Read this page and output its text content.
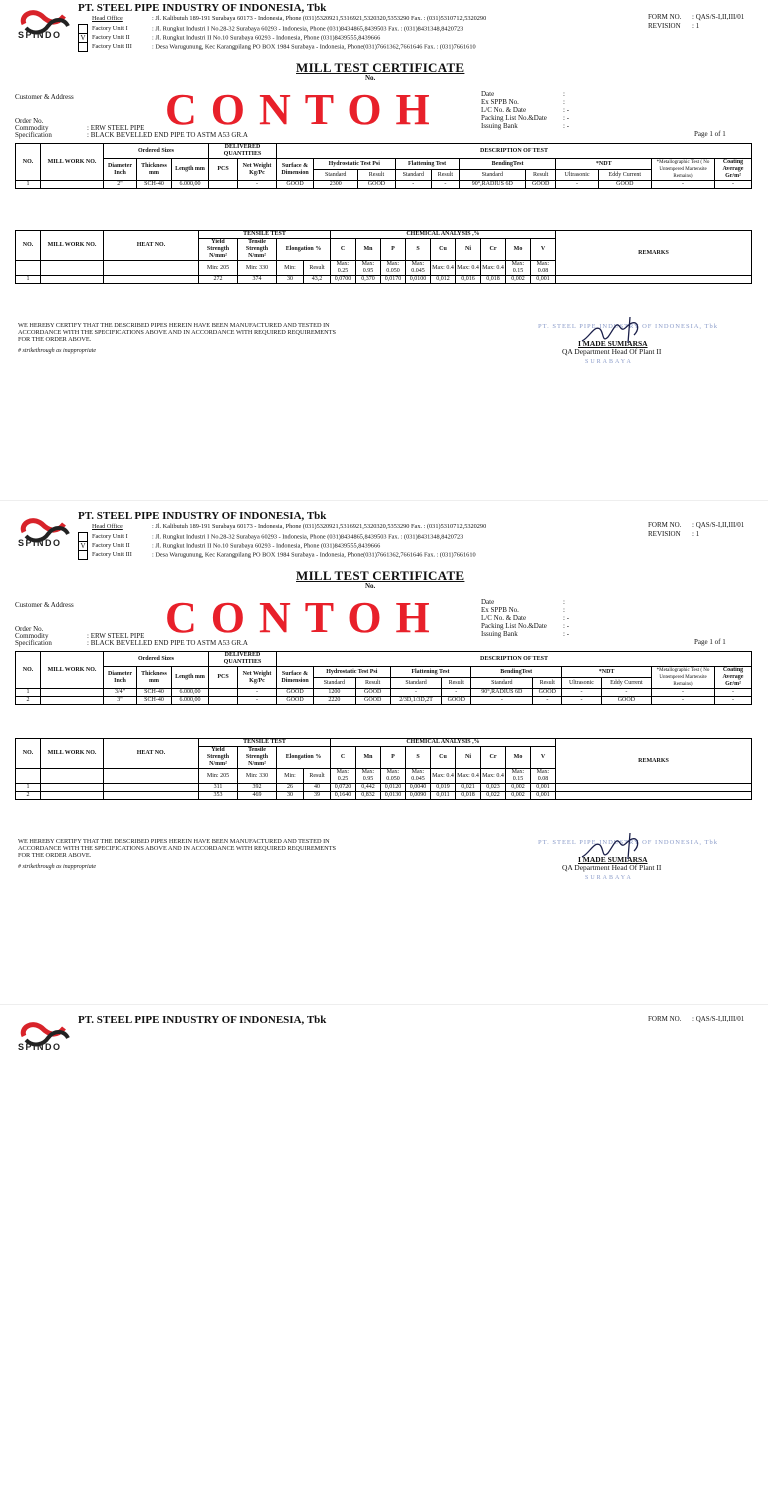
SPINDO
PT. STEEL PIPE INDUSTRY OF INDONESIA, Tbk
Head Office	: Jl. Kalibutuh 189-191 Surabaya 60173 - Indonesia, Phone (031)5320921,5316921,5320320,5353290 Fax. : (031)5310712,5320290
Factory Unit I	: Jl. Rungkut Industri I No.28-32 Surabaya 60293 - Indonesia, Phone (031)8434865,8439503 Fax. : (031)8431348,8420723
V Factory Unit II	: Jl. Rungkut Industri II No.10 Surabaya 60293 - Indonesia, Phone (031)8439555,8439666
Factory Unit III	: Desa Warugunung, Kec Karangpilang PO BOX 1984 Surabaya - Indonesia, Phone(031)7661362,7661646 Fax. : (031)7661610
FORM NO. : QAS/S-I,II,III/01
REVISION : 1
MILL TEST CERTIFICATE
No.
CONTOH
Customer & Address
Order No.
Commodity	: ERW STEEL PIPE
Specification	: BLACK BEVELLED END PIPE TO ASTM A53 GR.A
Date	:
Ex SPPB No.	:
L/C No. & Date	: -
Packing List No.&Date : -
Issuing Bank	: -
Page 1 of 1
NO.	MILL WORK NO.	Ordered Sizes			DELIVERED QUANTITIES		DESCRIPTION OF TEST										
		Diameter Inch	Thickness mm	Length mm	PCS	Net Weight Kg/Pc	Surface & Dimension	Hydrostatic Test Psi		Flattening Test		BendingTest		*NDT		*Metallographic Test ( No Untempered Martensite Remains)	Coating Average Gr/m²
								Standard	Result	Standard	Result	Standard	Result	Ultrasonic	Eddy Current		
1		2"	SCH-40	6.000,00		-	GOOD	2300	GOOD	-	-	90°,RADIUS 6D	GOOD	-	GOOD	-	-
NO.	MILL WORK NO.	HEAT NO.	TENSILE TEST				CHEMICAL ANALYSIS ,%									REMARKS
			Yield Strength N/mm²	Tensile Strength N/mm²	Elongation %		C	Mn	P	S	Cu	Ni	Cr	Mo	V	

			Min: 205	Min: 330	Min:	Result	Max: 0.25	Max: 0.95	Max: 0.050	Max: 0.045	Max: 0.4	Max: 0.4	Max: 0.4	Max: 0.15	Max: 0.08	
1			272	374	30	43,2	0,0700	0,370	0,0170	0,0100	0,012	0,016	0,018	0,002	0,001	
WE HEREBY CERTIFY THAT THE DESCRIBED PIPES HEREIN HAVE BEEN MANUFACTURED AND TESTED IN ACCORDANCE WITH THE SPECIFICATIONS ABOVE AND IN ACCORDANCE WITH REQUIRED REQUIREMENTS FOR THE ORDER ABOVE.
# strikethrough as inappropriate
PT. STEEL PIPE INDUSTRY OF INDONESIA, Tbk
I MADE SUMIARSA
QA Department Head Of Plant II
SURABAYA
SPINDO
PT. STEEL PIPE INDUSTRY OF INDONESIA, Tbk
Head Office	: Jl. Kalibutuh 189-191 Surabaya 60173 - Indonesia, Phone (031)5320921,5316921,5320320,5353290 Fax. : (031)5310712,5320290
Factory Unit I	: Jl. Rungkut Industri I No.28-32 Surabaya 60293 - Indonesia, Phone (031)8434865,8439503 Fax. : (031)8431348,8420723
V Factory Unit II	: Jl. Rungkut Industri II No.10 Surabaya 60293 - Indonesia, Phone (031)8439555,8439666
Factory Unit III	: Desa Warugunung, Kec Karangpilang PO BOX 1984 Surabaya - Indonesia, Phone(031)7661362,7661646 Fax. : (031)7661610
FORM NO. : QAS/S-I,II,III/01
REVISION : 1
MILL TEST CERTIFICATE
No.
CONTOH
Customer & Address
Order No.
Commodity	: ERW STEEL PIPE
Specification	: BLACK BEVELLED END PIPE TO ASTM A53 GR.A
Date	:
Ex SPPB No.	:
L/C No. & Date	: -
Packing List No.&Date : -
Issuing Bank	: -
Page 1 of 1
NO.	MILL WORK NO.	Ordered Sizes			DELIVERED QUANTITIES		DESCRIPTION OF TEST										
		Diameter Inch	Thickness mm	Length mm	PCS	Net Weight Kg/Pc	Surface & Dimension	Hydrostatic Test Psi		Flattening Test		BendingTest		*NDT		*Metallographic Test ( No Untempered Martensite Remains)	Coating Average Gr/m²
								Standard	Result	Standard	Result	Standard	Result	Ultrasonic	Eddy Current		
1		3/4"	SCH-40	6.000,00		-	GOOD	1200	GOOD	-	-	90°,RADIUS 6D	GOOD	-	-	-	-
2		3"	SCH-40	6.000,00		-	GOOD	2220	GOOD	2/3D,1/3D,2T	GOOD	-	-	-	GOOD	-	-
NO.	MILL WORK NO.	HEAT NO.	TENSILE TEST				CHEMICAL ANALYSIS ,%									REMARKS
			Yield Strength N/mm²	Tensile Strength N/mm²	Elongation %		C	Mn	P	S	Cu	Ni	Cr	Mo	V	

			Min: 205	Min: 330	Min:	Result	Max: 0.25	Max: 0.95	Max: 0.050	Max: 0.045	Max: 0.4	Max: 0.4	Max: 0.4	Max: 0.15	Max: 0.08	
1			311	392	26	40	0,0720	0,442	0,0120	0,0040	0,019	0,021	0,023	0,002	0,001	
2			353	469	30	39	0,1640	0,832	0,0130	0,0090	0,011	0,018	0,022	0,002	0,001	
WE HEREBY CERTIFY THAT THE DESCRIBED PIPES HEREIN HAVE BEEN MANUFACTURED AND TESTED IN ACCORDANCE WITH THE SPECIFICATIONS ABOVE AND IN ACCORDANCE WITH REQUIRED REQUIREMENTS FOR THE ORDER ABOVE.
# strikethrough as inappropriate
PT. STEEL PIPE INDUSTRY OF INDONESIA, Tbk
I MADE SUMIARSA
QA Department Head Of Plant II
SURABAYA
SPINDO
PT. STEEL PIPE INDUSTRY OF INDONESIA, Tbk	FORM NO. : QAS/S-I,II,III/01
